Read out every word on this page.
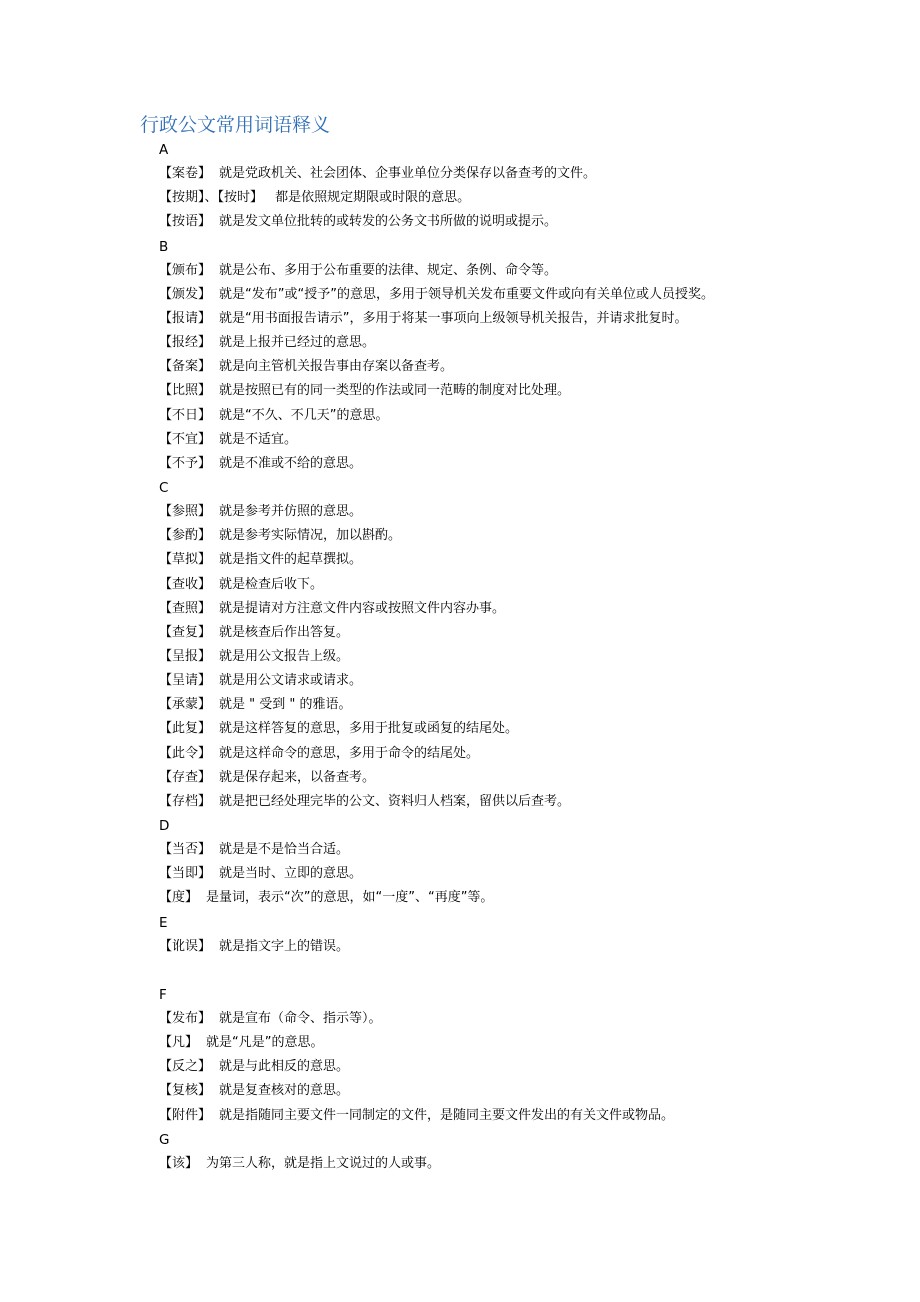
行政公文常用词语释义
A
【案卷】 就是党政机关、社会团体、企事业单位分类保存以备查考的文件。
【按期】、【按时】 都是依照规定期限或时限的意思。
【按语】 就是发文单位批转的或转发的公务文书所做的说明或提示。
B
【颁布】 就是公布、多用于公布重要的法律、规定、条例、命令等。
【颁发】 就是“发布”或“授予”的意思，多用于领导机关发布重要文件或向有关单位或人员授奖。
【报请】 就是“用书面报告请示”，多用于将某一事项向上级领导机关报告，并请求批复时。
【报经】 就是上报并已经过的意思。
【备案】 就是向主管机关报告事由存案以备查考。
【比照】 就是按照已有的同一类型的作法或同一范畴的制度对比处理。
【不日】 就是“不久、不几天”的意思。
【不宜】 就是不适宜。
【不予】 就是不准或不给的意思。
C
【参照】 就是参考并仿照的意思。
【参酌】 就是参考实际情况，加以斟酌。
【草拟】 就是指文件的起草撰拟。
【查收】 就是检查后收下。
【查照】 就是提请对方注意文件内容或按照文件内容办事。
【查复】 就是核查后作出答复。
【呈报】 就是用公文报告上级。
【呈请】 就是用公文请求或请求。
【承蒙】 就是 " 受到 " 的雅语。
【此复】 就是这样答复的意思，多用于批复或函复的结尾处。
【此令】 就是这样命令的意思，多用于命令的结尾处。
【存查】 就是保存起来，以备查考。
【存档】 就是把已经处理完毕的公文、资料归人档案，留供以后查考。
D
【当否】 就是是不是恰当合适。
【当即】 就是当时、立即的意思。
【度】 是量词，表示“次”的意思，如“一度”、“再度”等。
E
【讹误】 就是指文字上的错误。
F
【发布】 就是宣布（命令、指示等）。
【凡】 就是“凡是”的意思。
【反之】 就是与此相反的意思。
【复核】 就是复查核对的意思。
【附件】 就是指随同主要文件一同制定的文件，是随同主要文件发出的有关文件或物品。
G
【该】 为第三人称，就是指上文说过的人或事。
